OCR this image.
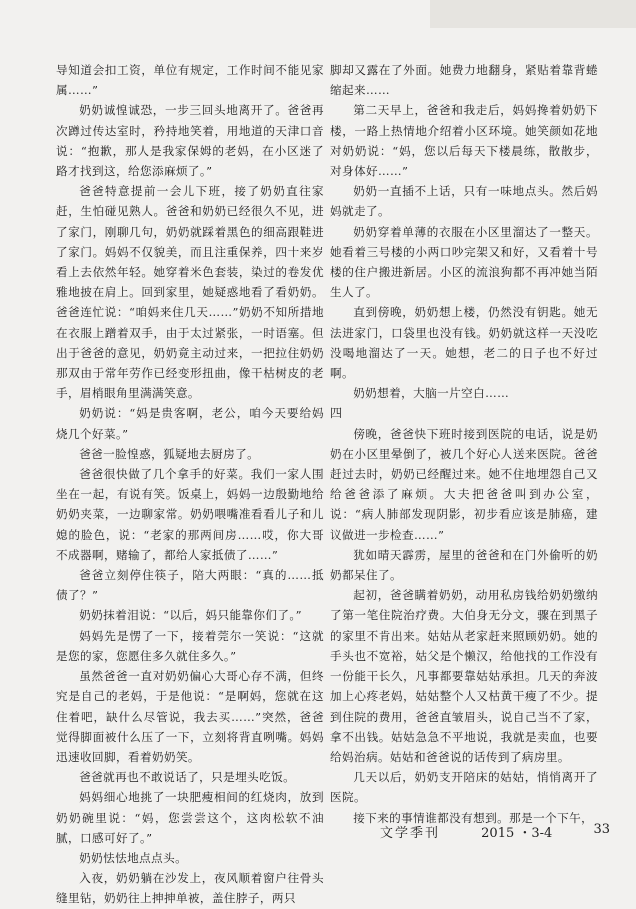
导知道会扣工资，单位有规定，工作时间不能见家属……”

奶奶诚惶诚恐，一步三回头地离开了。爸爸再次蹲过传达室时，矜持地笑着，用地道的天津口音说：“抱歉，那人是我家保姆的老妈，在小区迷了路才找到这，给您添麻烦了。”

爸爸特意提前一会儿下班，接了奶奶直往家赶，生怕碰见熟人。爸爸和奶奶已经很久不见，进了家门，刚聊几句，奶奶就踩着黑色的细高跟鞋进了家门。妈妈不仅貌美，而且注重保养，四十来岁看上去依然年轻。她穿着米色套装，染过的卷发优雅地披在肩上。回到家里，她疑惑地看了看奶奶。爸爸连忙说：“咱妈来住几天……”奶奶不知所措地在衣服上蹭着双手，由于太过紧张，一时语塞。但出于爸爸的意见，奶奶竟主动过来，一把拉住奶奶那双由于常年劳作已经变形扭曲，像干枯树皮的老手，眉梢眼角里满满笑意。

奶奶说：“妈是贵客啊，老公，咱今天要给妈烧几个好菜。”

爸爸一脸惶惑，狐疑地去厨房了。

爸爸很快做了几个拿手的好菜。我们一家人围坐在一起，有说有笑。饭桌上，妈妈一边殷勤地给奶奶夹菜，一边聊家常。奶奶喂嘴准看看儿子和儿媳的脸色，说：“老家的那两间房……哎，你大哥不成器啊，赌输了，都给人家抵债了……”

爸爸立刻停住筷子，陪大两眼：“真的……抵债了？”

奶奶抹着泪说：“以后，妈只能靠你们了。”

妈妈先是愣了一下，接着莞尔一笑说：“这就是您的家，您愿住多久就住多久。”

虽然爸爸一直对奶奶偏心大哥心存不满，但终究是自己的老妈，于是他说：“是啊妈，您就在这住着吧，缺什么尽管说，我去买……”突然，爸爸觉得脚面被什么压了一下，立刻将背直咧嘴。妈妈迅速收回脚，看着奶奶笑。

爸爸就再也不敢说话了，只是埋头吃饭。

妈妈细心地挑了一块肥瘦相间的红烧肉，放到奶奶碗里说：“妈，您尝尝这个，这肉松软不油腻，口感可好了。”

奶奶怯怯地点点头。

入夜，奶奶躺在沙发上，夜风顺着窗户往骨头缝里钻，奶奶往上抻抻单被，盖住脖子，两只

脚却又露在了外面。她费力地翻身，紧贴着靠背蜷缩起来……

第二天早上，爸爸和我走后，妈妈搀着奶奶下楼，一路上热情地介绍着小区环境。她笑颜如花地对奶奶说：“妈，您以后每天下楼晨练，散散步，对身体好……”

奶奶一直插不上话，只有一味地点头。然后妈妈就走了。

奶奶穿着单薄的衣服在小区里溜达了一整天。她看着三号楼的小两口吵完架又和好，又看着十号楼的住户搬进新居。小区的流浪狗都不再冲她当陌生人了。

直到傍晚，奶奶想上楼，仍然没有钥匙。她无法进家门，口袋里也没有钱。奶奶就这样一天没吃没喝地溜达了一天。她想，老二的日子也不好过啊。

奶奶想着，大脑一片空白……

四

傍晚，爸爸快下班时接到医院的电话，说是奶奶在小区里晕倒了，被几个好心人送来医院。爸爸赶过去时，奶奶已经醒过来。她不住地埋怨自己又给爸爸添了麻烦。大夫把爸爸叫到办公室，说：“病人肺部发现阴影，初步看应该是肺癌，建议做进一步检查……”

犹如晴天霹雳，屋里的爸爸和在门外偷听的奶奶都呆住了。

起初，爸爸瞒着奶奶，动用私房钱给奶奶缴纳了第一笔住院治疗费。大伯身无分文，骤在到黑子的家里不肯出来。姑姑从老家赶来照顾奶奶。她的手头也不宽裕，姑父是个懒汉，给他找的工作没有一份能干长久，凡事都要靠姑姑承担。几天的奔波加上心疼老妈，姑姑整个人又枯黄干瘦了不少。提到住院的费用，爸爸直皱眉头，说自己当不了家，拿不出钱。姑姑急急不平地说，我就是卖血，也要给妈治病。姑姑和爸爸说的话传到了病房里。

几天以后，奶奶支开陪床的姑姑，悄悄离开了医院。

接下来的事情谁都没有想到。那是一个下午，

文学季刊	2015 ・3-4	33
